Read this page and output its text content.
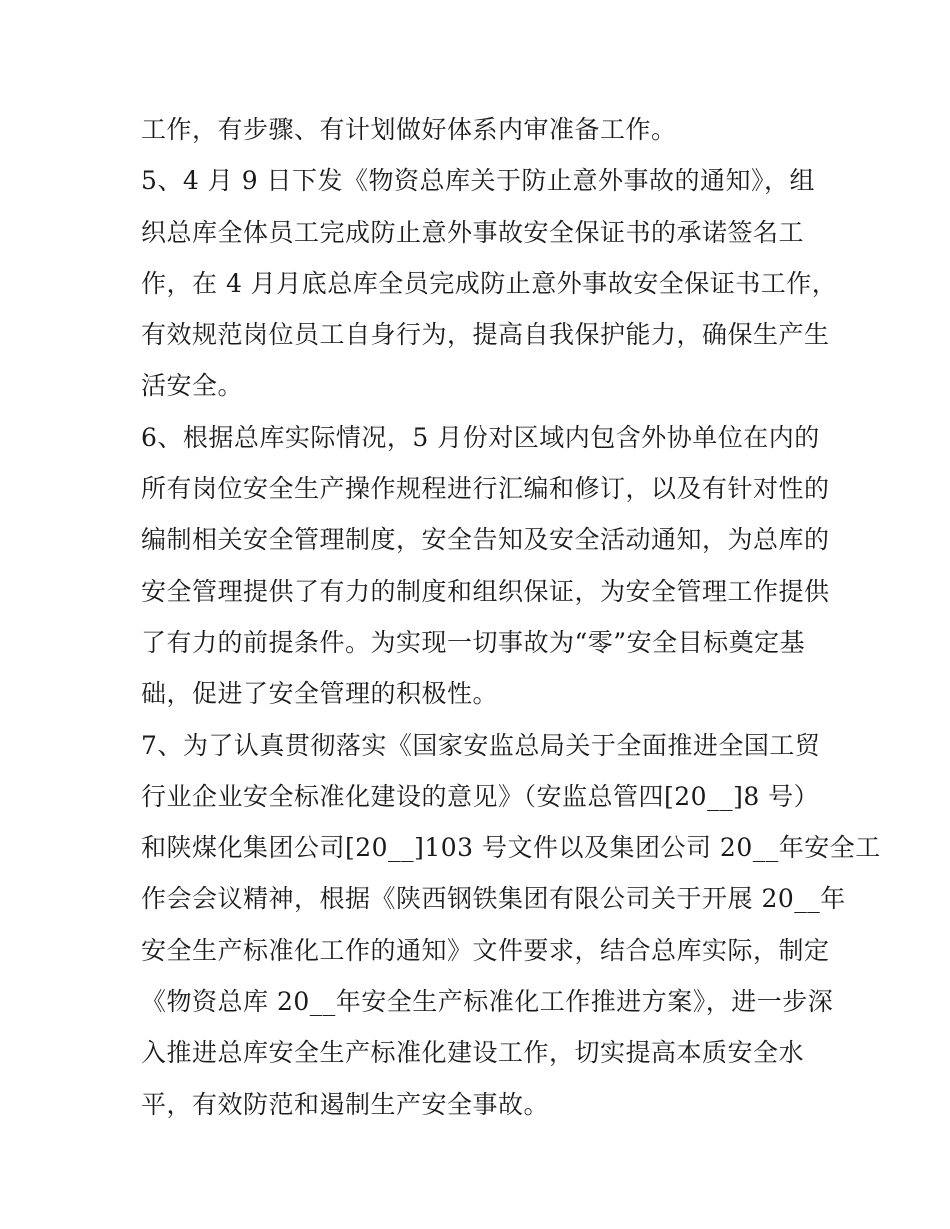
工作，有步骤、有计划做好体系内审准备工作。
5、4 月 9 日下发《物资总库关于防止意外事故的通知》，组
织总库全体员工完成防止意外事故安全保证书的承诺签名工
作，在 4 月月底总库全员完成防止意外事故安全保证书工作，
有效规范岗位员工自身行为，提高自我保护能力，确保生产生
活安全。
6、根据总库实际情况，5 月份对区域内包含外协单位在内的
所有岗位安全生产操作规程进行汇编和修订，以及有针对性的
编制相关安全管理制度，安全告知及安全活动通知，为总库的
安全管理提供了有力的制度和组织保证，为安全管理工作提供
了有力的前提条件。为实现一切事故为“零”安全目标奠定基
础，促进了安全管理的积极性。
7、为了认真贯彻落实《国家安监总局关于全面推进全国工贸
行业企业安全标准化建设的意见》（安监总管四[20__]8 号）
和陕煤化集团公司[20__]103 号文件以及集团公司 20__年安全工
作会会议精神，根据《陕西钢铁集团有限公司关于开展 20__年
安全生产标准化工作的通知》文件要求，结合总库实际，制定
《物资总库 20__年安全生产标准化工作推进方案》，进一步深
入推进总库安全生产标准化建设工作，切实提高本质安全水
平，有效防范和遏制生产安全事故。
